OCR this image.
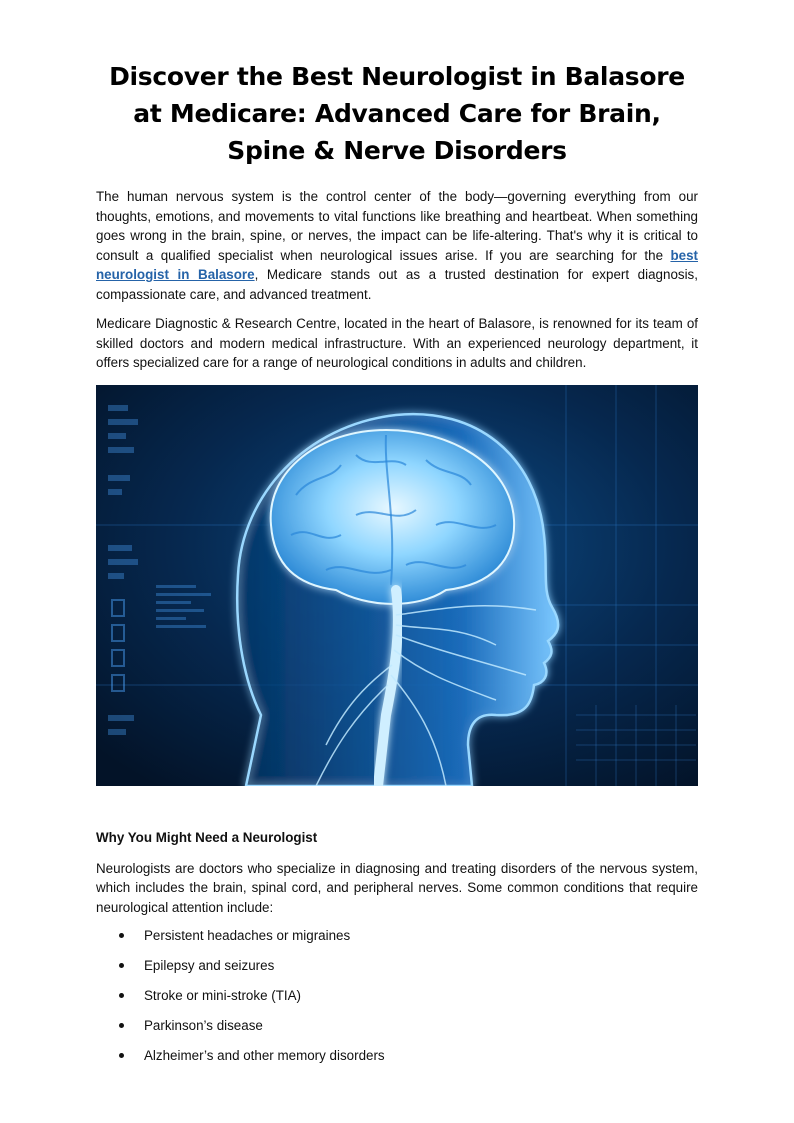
Discover the Best Neurologist in Balasore at Medicare: Advanced Care for Brain, Spine & Nerve Disorders

The human nervous system is the control center of the body—governing everything from our thoughts, emotions, and movements to vital functions like breathing and heartbeat. When something goes wrong in the brain, spine, or nerves, the impact can be life-altering. That's why it is critical to consult a qualified specialist when neurological issues arise. If you are searching for the best neurologist in Balasore, Medicare stands out as a trusted destination for expert diagnosis, compassionate care, and advanced treatment.

Medicare Diagnostic & Research Centre, located in the heart of Balasore, is renowned for its team of skilled doctors and modern medical infrastructure. With an experienced neurology department, it offers specialized care for a range of neurological conditions in adults and children.

Why You Might Need a Neurologist

Neurologists are doctors who specialize in diagnosing and treating disorders of the nervous system, which includes the brain, spinal cord, and peripheral nerves. Some common conditions that require neurological attention include:

Persistent headaches or migraines
Epilepsy and seizures
Stroke or mini-stroke (TIA)
Parkinson’s disease
Alzheimer’s and other memory disorders
